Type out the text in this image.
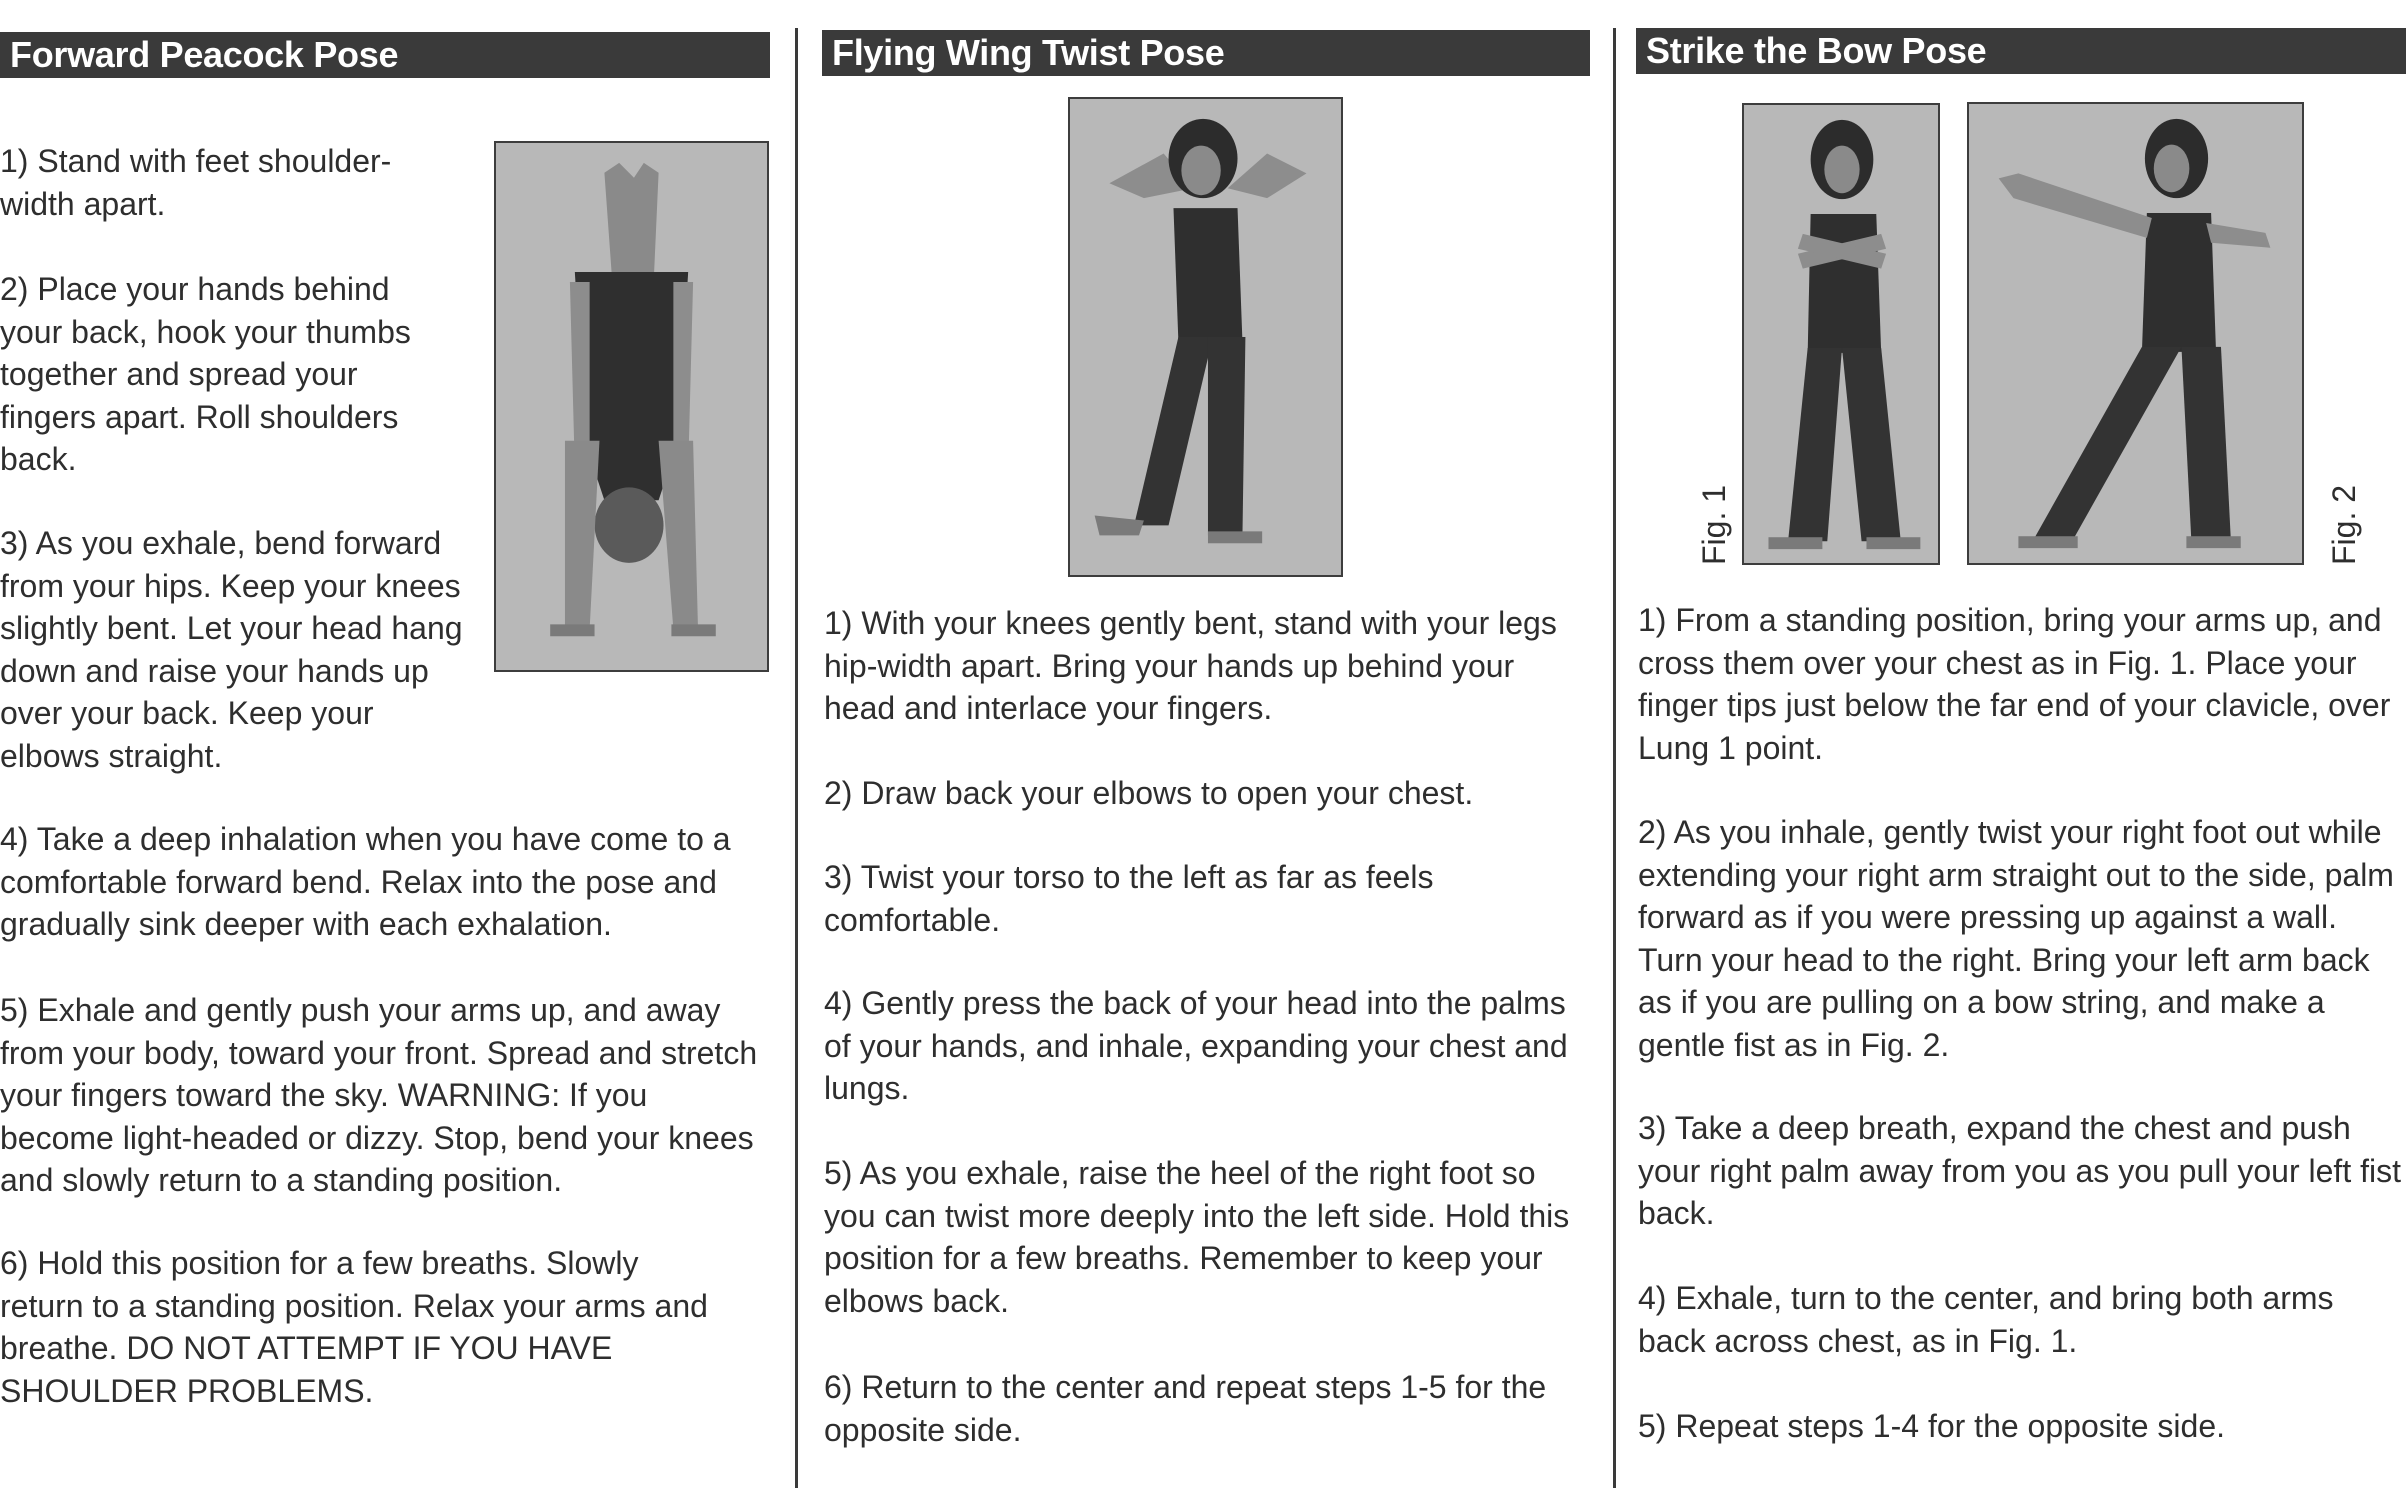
Forward Peacock Pose

1) Stand with feet shoulder-width apart.

2) Place your hands behind your back, hook your thumbs together and spread your fingers apart. Roll shoulders back.

3) As you exhale, bend forward from your hips. Keep your knees slightly bent. Let your head hang down and raise your hands up over your back. Keep your elbows straight.

4) Take a deep inhalation when you have come to a comfortable forward bend. Relax into the pose and gradually sink deeper with each exhalation.

5) Exhale and gently push your arms up, and away from your body, toward your front. Spread and stretch your fingers toward the sky. WARNING: If you become light-headed or dizzy. Stop, bend your knees and slowly return to a standing position.

6) Hold this position for a few breaths. Slowly return to a standing position. Relax your arms and breathe. DO NOT ATTEMPT IF YOU HAVE SHOULDER PROBLEMS.

Flying Wing Twist Pose

1) With your knees gently bent, stand with your legs hip-width apart. Bring your hands up behind your head and interlace your fingers.

2) Draw back your elbows to open your chest.

3) Twist your torso to the left as far as feels comfortable.

4) Gently press the back of your head into the palms of your hands, and inhale, expanding your chest and lungs.

5) As you exhale, raise the heel of the right foot so you can twist more deeply into the left side. Hold this position for a few breaths. Remember to keep your elbows back.

6) Return to the center and repeat steps 1-5 for the opposite side.

Strike the Bow Pose
Fig. 1	Fig. 2

1) From a standing position, bring your arms up, and cross them over your chest as in Fig. 1. Place your finger tips just below the far end of your clavicle, over Lung 1 point.

2) As you inhale, gently twist your right foot out while extending your right arm straight out to the side, palm forward as if you were pressing up against a wall. Turn your head to the right. Bring your left arm back as if you are pulling on a bow string, and make a gentle fist as in Fig. 2.

3) Take a deep breath, expand the chest and push your right palm away from you as you pull your left fist back.

4) Exhale, turn to the center, and bring both arms back across chest, as in Fig. 1.

5) Repeat steps 1-4 for the opposite side.
